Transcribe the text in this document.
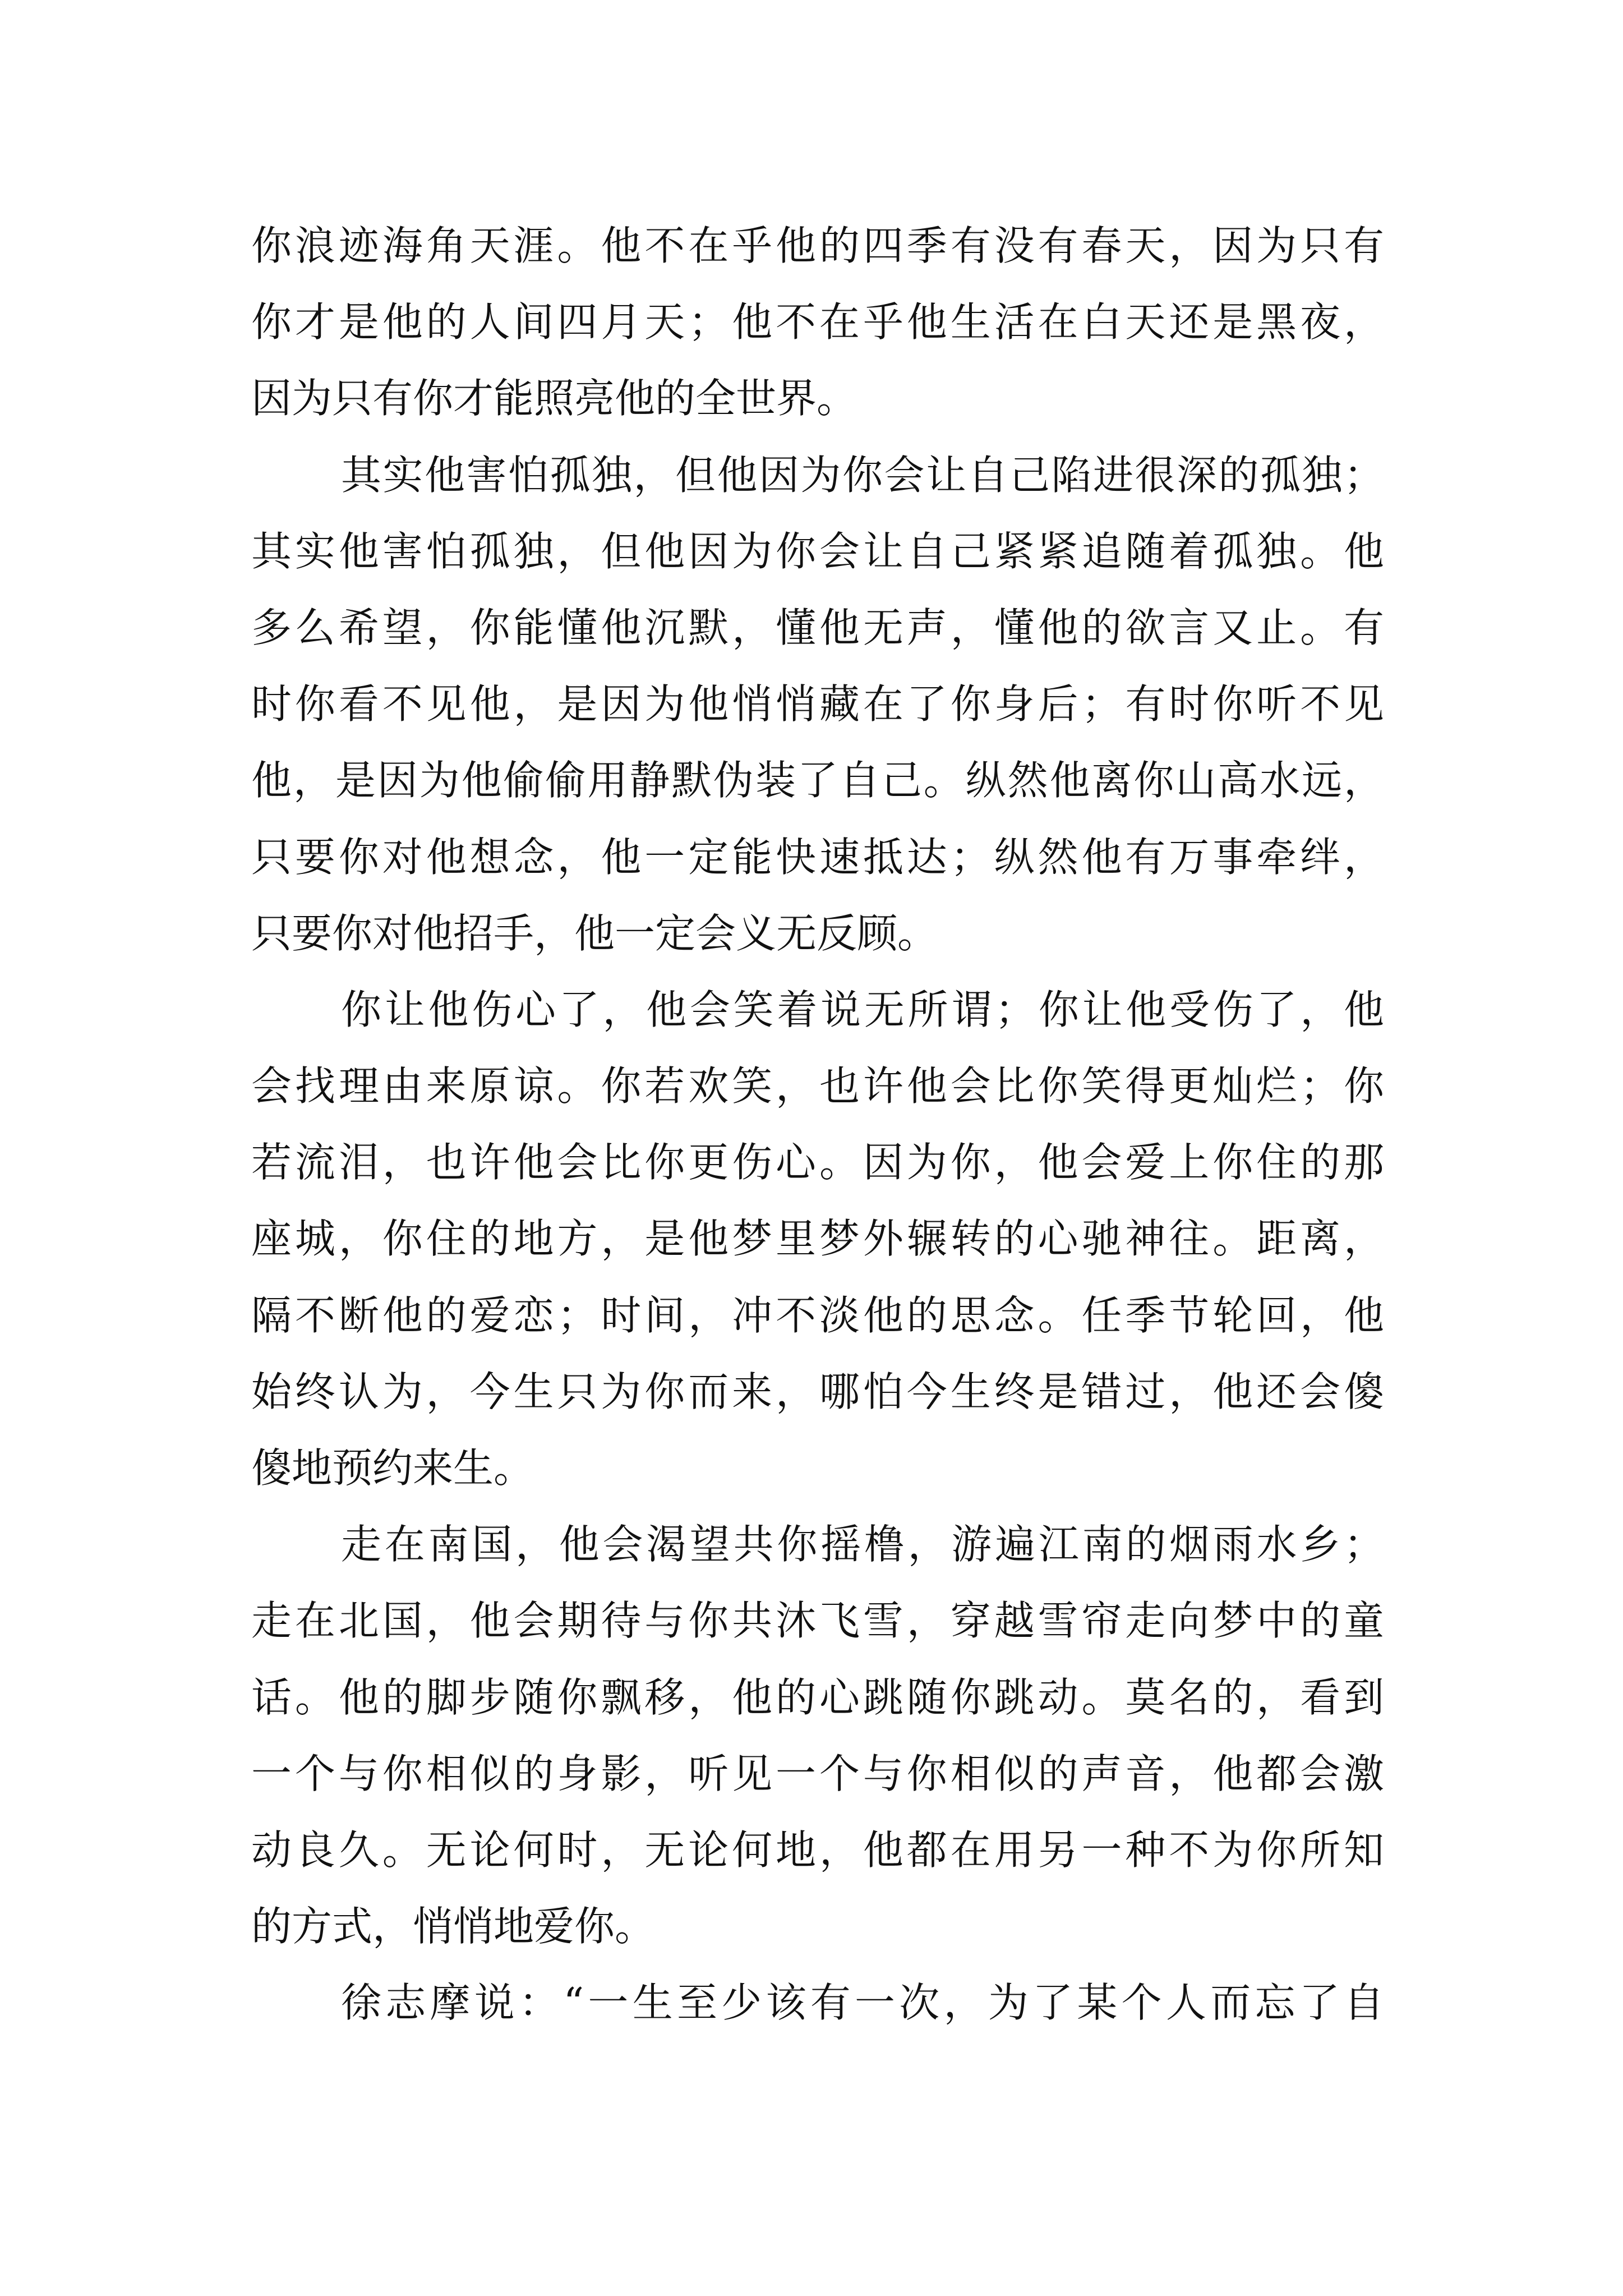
你浪迹海角天涯。他不在乎他的四季有没有春天，因为只有
你才是他的人间四月天；他不在乎他生活在白天还是黑夜，
因为只有你才能照亮他的全世界。
其实他害怕孤独，但他因为你会让自己陷进很深的孤独；
其实他害怕孤独，但他因为你会让自己紧紧追随着孤独。他
多么希望，你能懂他沉默，懂他无声，懂他的欲言又止。有
时你看不见他，是因为他悄悄藏在了你身后；有时你听不见
他，是因为他偷偷用静默伪装了自己。纵然他离你山高水远，
只要你对他想念，他一定能快速抵达；纵然他有万事牵绊，
只要你对他招手，他一定会义无反顾。
你让他伤心了，他会笑着说无所谓；你让他受伤了，他
会找理由来原谅。你若欢笑，也许他会比你笑得更灿烂；你
若流泪，也许他会比你更伤心。因为你，他会爱上你住的那
座城，你住的地方，是他梦里梦外辗转的心驰神往。距离，
隔不断他的爱恋；时间，冲不淡他的思念。任季节轮回，他
始终认为，今生只为你而来，哪怕今生终是错过，他还会傻
傻地预约来生。
走在南国，他会渴望共你摇橹，游遍江南的烟雨水乡；
走在北国，他会期待与你共沐飞雪，穿越雪帘走向梦中的童
话。他的脚步随你飘移，他的心跳随你跳动。莫名的，看到
一个与你相似的身影，听见一个与你相似的声音，他都会激
动良久。无论何时，无论何地，他都在用另一种不为你所知
的方式，悄悄地爱你。
徐志摩说：“一生至少该有一次，为了某个人而忘了自
